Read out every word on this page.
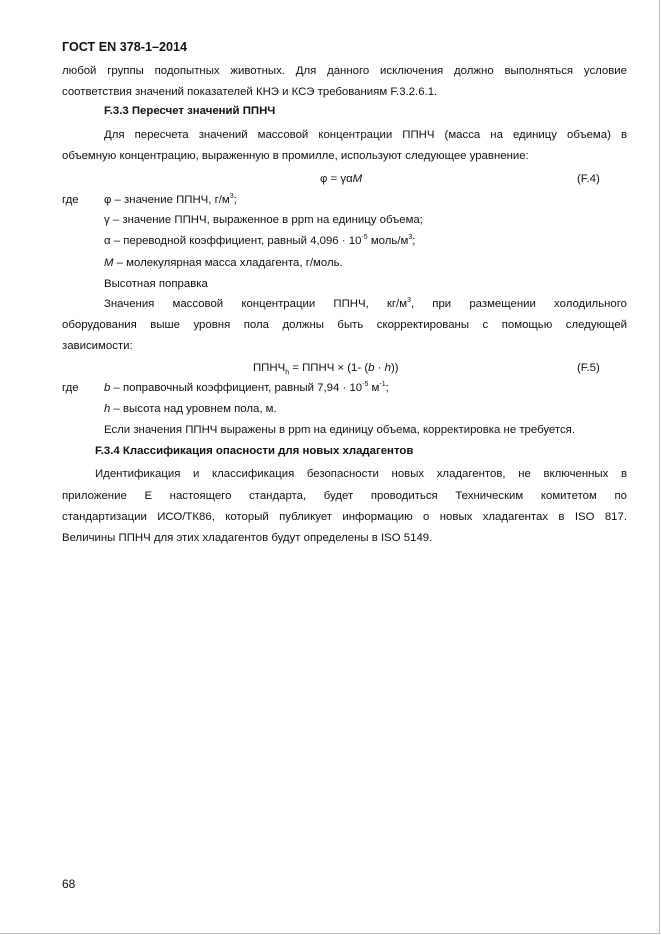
ГОСТ EN 378-1–2014
любой группы подопытных животных. Для данного исключения должно выполняться условие
соответствия значений показателей КНЭ и КСЭ требованиям F.3.2.6.1.
F.3.3 Пересчет значений ППНЧ
Для пересчета значений массовой концентрации ППНЧ (масса на единицу объема) в
объемную концентрацию, выраженную в промилле, используют следующее уравнение:
φ = γαM	(F.4)
где φ – значение ППНЧ, $г/м^3$;
γ – значение ППНЧ, выраженное в ppm на единицу объема;
α – переводной коэффициент, равный $4,096 \cdot 10^{-5}$ моль/$м^3$;
M – молекулярная масса хладагента, г/моль.
Высотная поправка
Значения массовой концентрации ППНЧ, $кг/м^3$, при размещении холодильного
оборудования выше уровня пола должны быть скорректированы с помощью следующей
зависимости:
$ППНЧ_h$ = ППНЧ × (1- (b · h))	(F.5)
где b – поправочный коэффициент, равный $7,94 \cdot 10^{-5}$ $м^{-1}$;
h – высота над уровнем пола, м.
Если значения ППНЧ выражены в ppm на единицу объема, корректировка не требуется.
F.3.4 Классификация опасности для новых хладагентов
Идентификация и классификация безопасности новых хладагентов, не включенных в
приложение Е настоящего стандарта, будет проводиться Техническим комитетом по
стандартизации ИСО/ТК86, который публикует информацию о новых хладагентах в ISO 817.
Величины ППНЧ для этих хладагентов будут определены в ISO 5149.
68
